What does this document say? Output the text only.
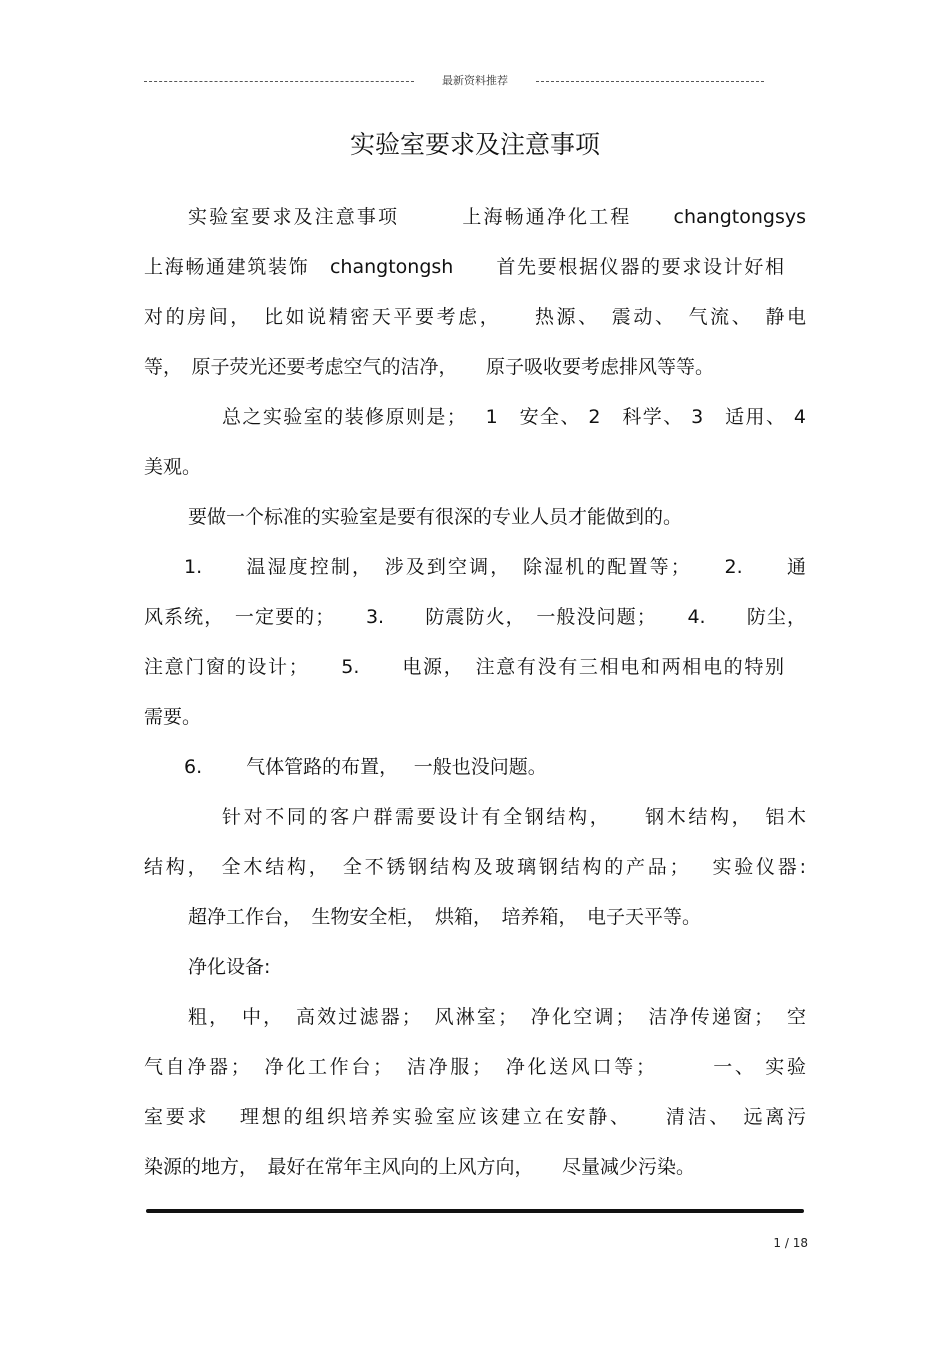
最新资料推荐
实验室要求及注意事项
实验室要求及注意事项　　　上海畅通净化工程　　changtongsys
上海畅通建筑装饰　changtongsh　　首先要根据仪器的要求设计好相
对的房间，　比如说精密天平要考虑，　　热源、　震动、　气流、　静电
等，　原子荧光还要考虑空气的洁净，　　原子吸收要考虑排风等等。
总之实验室的装修原则是；　 1　安全、 2　科学、 3　适用、 4
美观。
要做一个标准的实验室是要有很深的专业人员才能做到的。
1.　　温湿度控制，　涉及到空调，　除湿机的配置等；　　2.　　通
风系统，　一定要的；　　3.　　防震防火，　一般没问题；　　4.　　防尘，
注意门窗的设计；　　5.　　电源，　注意有没有三相电和两相电的特别
需要。
6.　　 气体管路的布置，　 一般也没问题。
针对不同的客户群需要设计有全钢结构，　　钢木结构，　铝木
结构，　全木结构，　全不锈钢结构及玻璃钢结构的产品；　 实验仪器:
超净工作台，　生物安全柜，　烘箱，　培养箱，　电子天平等。
净化设备:
粗，　中，　高效过滤器；　风淋室；　净化空调；　洁净传递窗；　空
气自净器；　净化工作台；　洁净服；　净化送风口等；　　　一、 实验
室要求　 理想的组织培养实验室应该建立在安静、　　清洁、　远离污
染源的地方，　最好在常年主风向的上风方向，　　尽量减少污染。
1 / 18
